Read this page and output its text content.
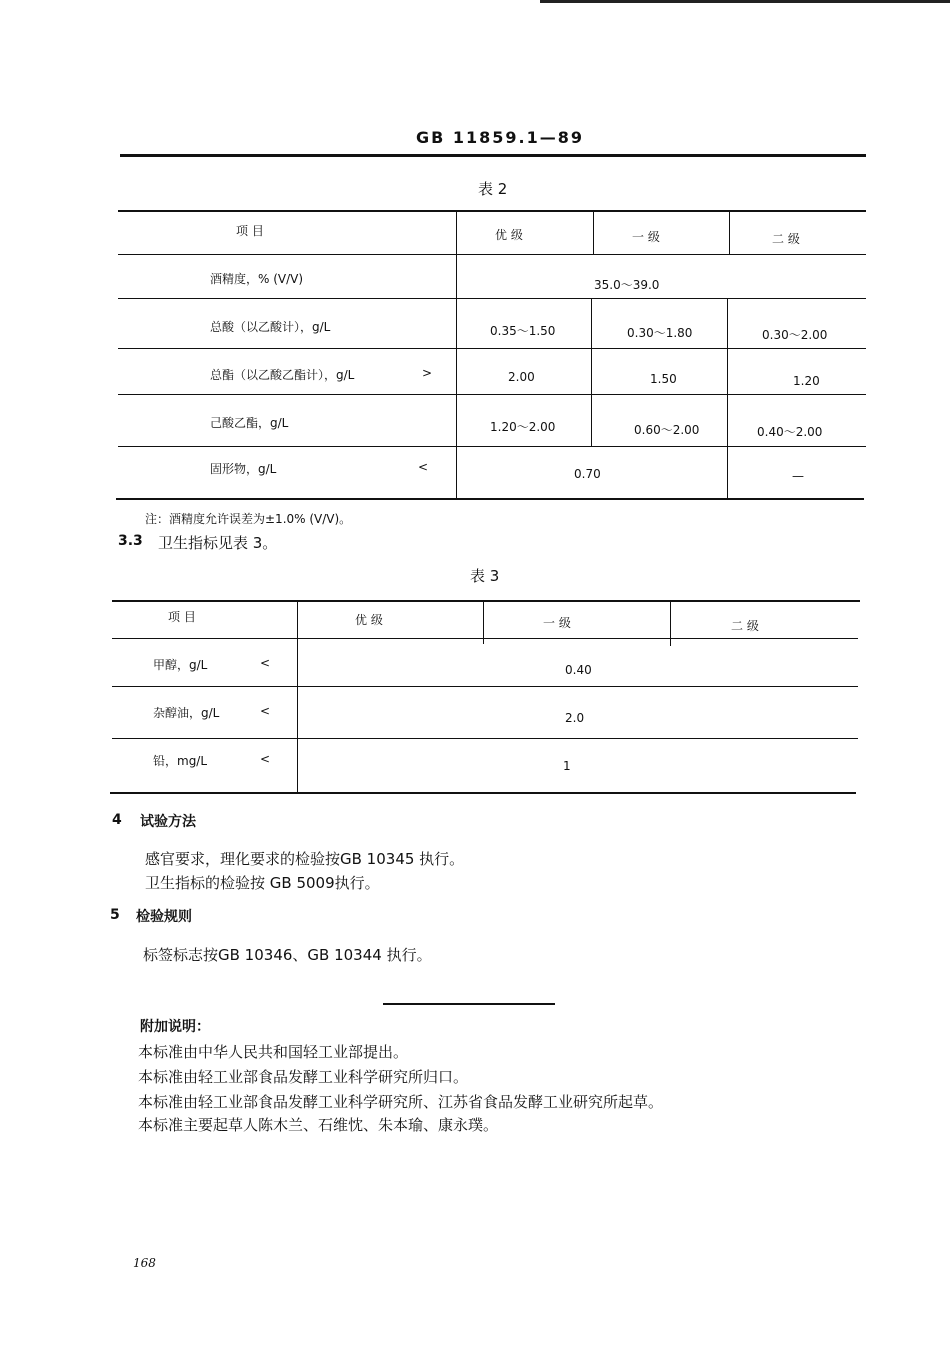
GB 11859.1—89
表 2
项 目	优 级	一 级	二 级
酒精度，% (V/V)	35.0～39.0
总酸（以乙酸计），g/L	0.35～1.50	0.30～1.80	0.30～2.00
总酯（以乙酸乙酯计），g/L	>	2.00	1.50	1.20
己酸乙酯，g/L	1.20～2.00	0.60～2.00	0.40～2.00
固形物，g/L	<	0.70	—
注：酒精度允许误差为±1.0% (V/V)。
3.3 卫生指标见表 3。
表 3
项 目	优 级	一 级	二 级
甲醇，g/L	<	0.40
杂醇油，g/L	<	2.0
铅，mg/L	<	1
4 试验方法
感官要求，理化要求的检验按GB 10345 执行。
卫生指标的检验按 GB 5009执行。
5 检验规则
标签标志按GB 10346、GB 10344 执行。
附加说明：
本标准由中华人民共和国轻工业部提出。
本标准由轻工业部食品发酵工业科学研究所归口。
本标准由轻工业部食品发酵工业科学研究所、江苏省食品发酵工业研究所起草。
本标准主要起草人陈木兰、石维忱、朱本瑜、康永璞。
168
